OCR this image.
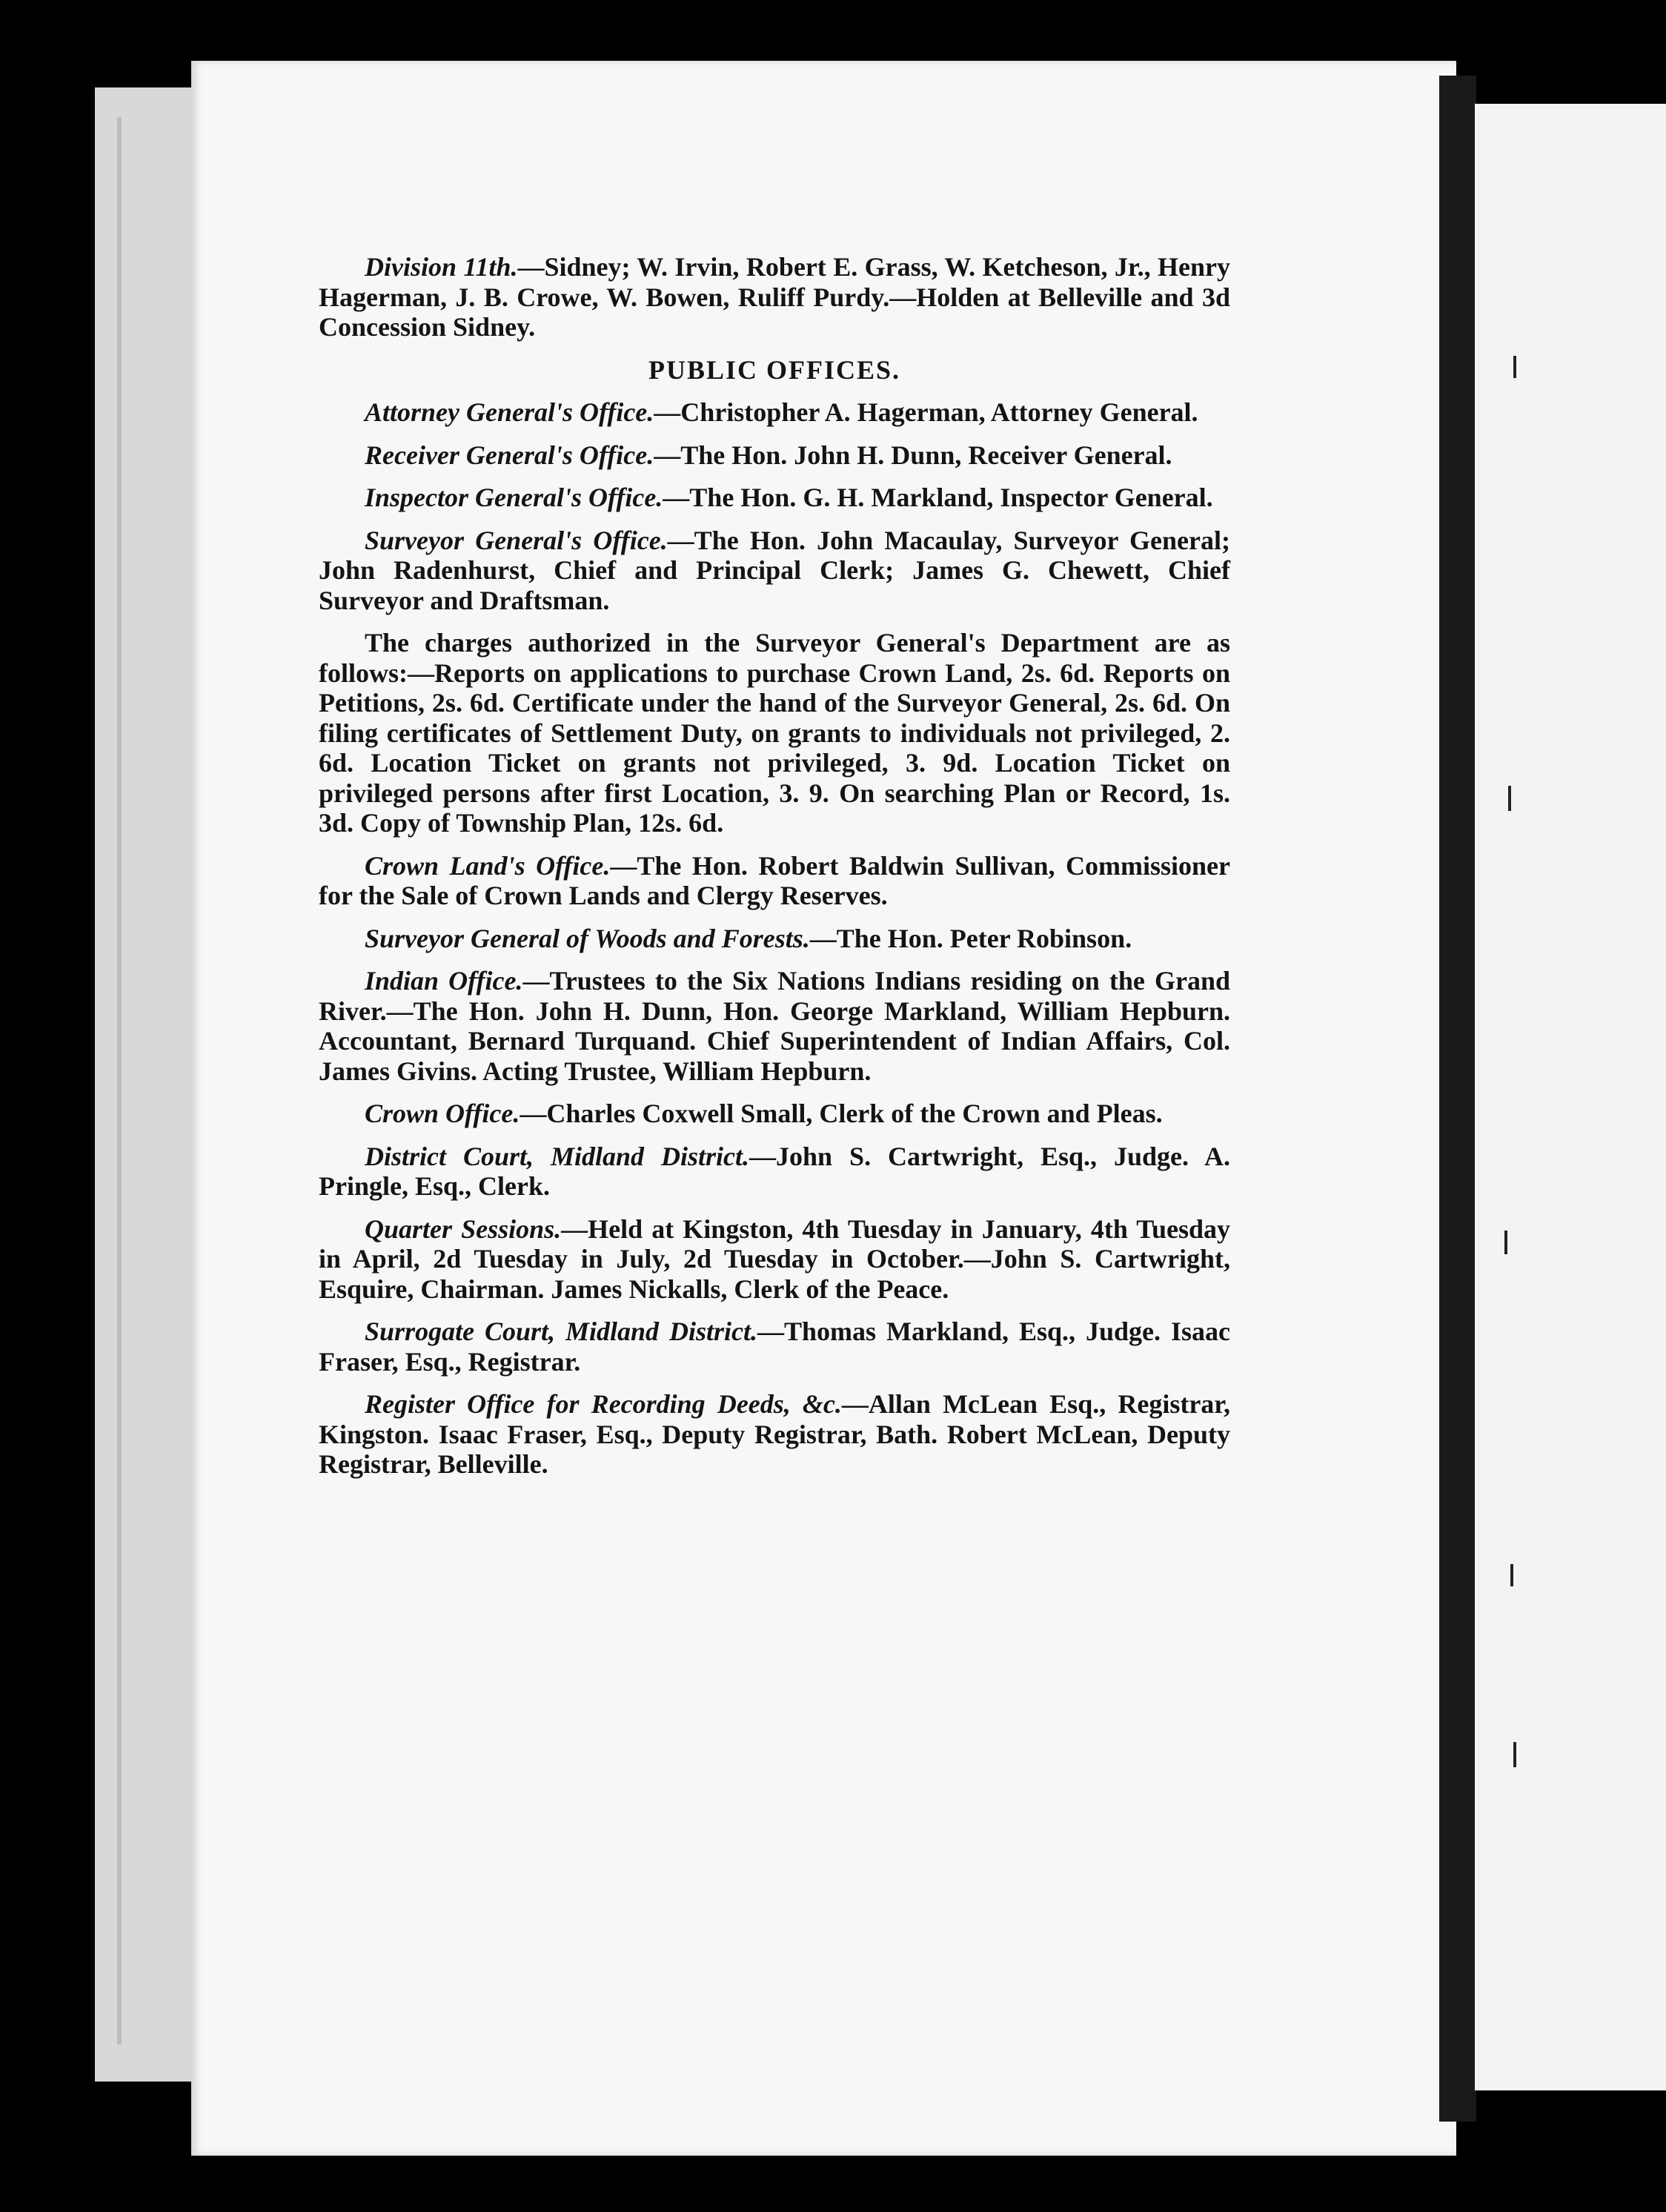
Division 11th.—Sidney; W. Irvin, Robert E. Grass, W. Ketcheson, Jr., Henry Hagerman, J. B. Crowe, W. Bowen, Ruliff Purdy.—Holden at Belleville and 3d Concession Sidney.

PUBLIC OFFICES.

Attorney General's Office.—Christopher A. Hagerman, Attorney General.

Receiver General's Office.—The Hon. John H. Dunn, Receiver General.

Inspector General's Office.—The Hon. G. H. Markland, Inspector General.

Surveyor General's Office.—The Hon. John Macaulay, Surveyor General; John Radenhurst, Chief and Principal Clerk; James G. Chewett, Chief Surveyor and Draftsman.

The charges authorized in the Surveyor General's Department are as follows:—Reports on applications to purchase Crown Land, 2s. 6d. Reports on Petitions, 2s. 6d. Certificate under the hand of the Surveyor General, 2s. 6d. On filing certificates of Settlement Duty, on grants to individuals not privileged, 2. 6d. Location Ticket on grants not privileged, 3. 9d. Location Ticket on privileged persons after first Location, 3. 9. On searching Plan or Record, 1s. 3d. Copy of Township Plan, 12s. 6d.

Crown Land's Office.—The Hon. Robert Baldwin Sullivan, Commissioner for the Sale of Crown Lands and Clergy Reserves.

Surveyor General of Woods and Forests.—The Hon. Peter Robinson.

Indian Office.—Trustees to the Six Nations Indians residing on the Grand River.—The Hon. John H. Dunn, Hon. George Markland, William Hepburn. Accountant, Bernard Turquand. Chief Superintendent of Indian Affairs, Col. James Givins. Acting Trustee, William Hepburn.

Crown Office.—Charles Coxwell Small, Clerk of the Crown and Pleas.

District Court, Midland District.—John S. Cartwright, Esq., Judge. A. Pringle, Esq., Clerk.

Quarter Sessions.—Held at Kingston, 4th Tuesday in January, 4th Tuesday in April, 2d Tuesday in July, 2d Tuesday in October.—John S. Cartwright, Esquire, Chairman. James Nickalls, Clerk of the Peace.

Surrogate Court, Midland District.—Thomas Markland, Esq., Judge. Isaac Fraser, Esq., Registrar.

Register Office for Recording Deeds, &c.—Allan McLean Esq., Registrar, Kingston. Isaac Fraser, Esq., Deputy Registrar, Bath. Robert McLean, Deputy Registrar, Belleville.
